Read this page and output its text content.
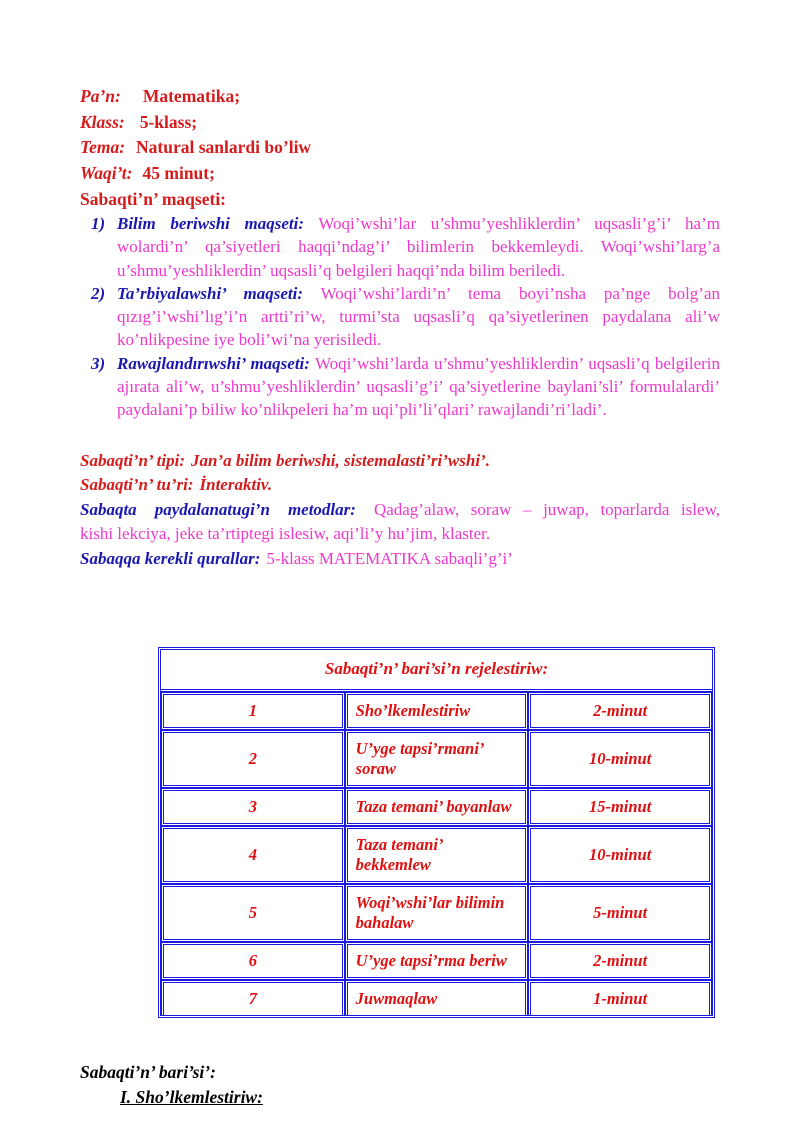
Pa’n: Matematika;
Klass: 5-klass;
Tema: Natural sanlardi bo’liw
Waqi’t: 45 minut;
Sabaqti’n’ maqseti:
Bilim beriwshi maqseti: Woqi’wshi’lar u’shmu’yeshliklerdin’ uqsasli’g’i’ ha’m wolardi’n’ qa’siyetleri haqqi’ndag’i’ bilimlerin bekkemleydi. Woqi’wshi’larg’a u’shmu’yeshliklerdin’ uqsasli’q belgileri haqqi’nda bilim beriledi.
Ta’rbiyalawshi’ maqseti: Woqi’wshi’lardi’n’ tema boyi’nsha pa’nge bolg’an qızıg’i’wshi’lıg’i’n artti’ri’w, turmi’sta uqsasli’q qa’siyetlerinen paydalana ali’w ko’nlikpesine iye boli’wi’na yerisiledi.
Rawajlandırıwshi’ maqseti: Woqi’wshi’larda u’shmu’yeshliklerdin’ uqsasli’q belgilerin ajırata ali’w, u’shmu’yeshliklerdin’ uqsasli’g’i’ qa’siyetlerine baylani’sli’ formulalardi’ paydalani’p biliw ko’nlikpeleri ha’m uqi’pli’li’qlari’ rawajlandi’ri’ladi’.
Sabaqti’n’ tipi: Jan’a bilim beriwshi, sistemalasti’ri’wshi’.
Sabaqti’n’ tu’ri: İnteraktiv.
Sabaqta paydalanatugi’n metodlar: Qadag’alaw, soraw – juwap, toparlarda islew, kishi lekciya, jeke ta’rtiptegi islesiw, aqi’li’y hu’jim, klaster.
Sabaqqa kerekli qurallar: 5-klass MATEMATIKA sabaqli’g’i’
Sabaqti’n’ bari’si’n rejelestiriw:		
1	Sho’lkemlestiriw	2-minut
2	U’yge tapsi’rmani’ soraw	10-minut
3	Taza temani’ bayanlaw	15-minut
4	Taza temani’ bekkemlew	10-minut
5	Woqi’wshi’lar bilimin bahalaw	5-minut
6	U’yge tapsi’rma beriw	2-minut
7	Juwmaqlaw	1-minut
Sabaqti’n’ bari’si’:
I. Sho’lkemlestiriw:
